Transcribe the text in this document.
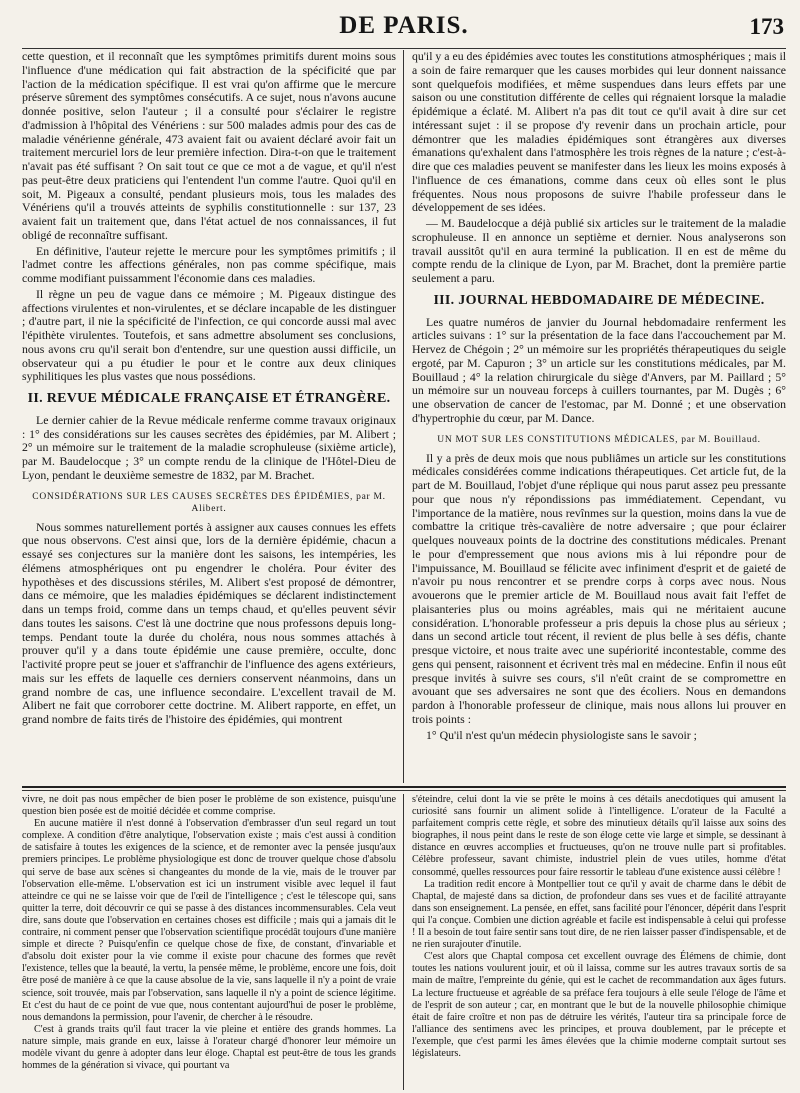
DE PARIS.	173

cette question, et il reconnaît que les symptômes primitifs durent moins sous l'influence d'une médication qui fait abstraction de la spécificité que par l'action de la médication spécifique. Il est vrai qu'on affirme que le mercure préserve sûrement des symptômes consécutifs. A ce sujet, nous n'avons aucune donnée positive, selon l'auteur ; il a consulté pour s'éclairer le registre d'admission à l'hôpital des Vénériens : sur 500 malades admis pour des cas de maladie vénérienne générale, 473 avaient fait ou avaient déclaré avoir fait un traitement mercuriel lors de leur première infection. Dira-t-on que le traitement n'avait pas été suffisant ? On sait tout ce que ce mot a de vague, et qu'il n'est pas peut-être deux praticiens qui l'entendent l'un comme l'autre. Quoi qu'il en soit, M. Pigeaux a consulté, pendant plusieurs mois, tous les malades des Vénériens qu'il a trouvés atteints de syphilis constitutionnelle : sur 137, 23 avaient fait un traitement que, dans l'état actuel de nos connaissances, il fut obligé de reconnaître suffisant.

En définitive, l'auteur rejette le mercure pour les symptômes primitifs ; il l'admet contre les affections générales, non pas comme spécifique, mais comme modifiant puissamment l'économie dans ces maladies.

Il règne un peu de vague dans ce mémoire ; M. Pigeaux distingue des affections virulentes et non-virulentes, et se déclare incapable de les distinguer ; d'autre part, il nie la spécificité de l'infection, ce qui concorde aussi mal avec l'épithète virulentes. Toutefois, et sans admettre absolument ses conclusions, nous avons cru qu'il serait bon d'entendre, sur une question aussi difficile, un observateur qui a pu étudier le pour et le contre aux deux cliniques syphilitiques les plus vastes que nous possédions.

II. REVUE MÉDICALE FRANÇAISE ET ÉTRANGÈRE.

Le dernier cahier de la Revue médicale renferme comme travaux originaux : 1° des considérations sur les causes secrètes des épidémies, par M. Alibert ; 2° un mémoire sur le traitement de la maladie scrophuleuse (sixième article), par M. Baudelocque ; 3° un compte rendu de la clinique de l'Hôtel-Dieu de Lyon, pendant le deuxième semestre de 1832, par M. Brachet.

CONSIDÉRATIONS SUR LES CAUSES SECRÈTES DES ÉPIDÉMIES, par M. Alibert.

Nous sommes naturellement portés à assigner aux causes connues les effets que nous observons. C'est ainsi que, lors de la dernière épidémie, chacun a essayé ses conjectures sur la manière dont les saisons, les intempéries, les élémens atmosphériques ont pu engendrer le choléra. Pour éviter des hypothèses et des discussions stériles, M. Alibert s'est proposé de démontrer, dans ce mémoire, que les maladies épidémiques se déclarent indistinctement dans un temps froid, comme dans un temps chaud, et qu'elles peuvent sévir dans toutes les saisons. C'est là une doctrine que nous professons depuis long-temps. Pendant toute la durée du choléra, nous nous sommes attachés à prouver qu'il y a dans toute épidémie une cause première, occulte, donc l'activité propre peut se jouer et s'affranchir de l'influence des agens extérieurs, mais sur les effets de laquelle ces derniers conservent néanmoins, dans un grand nombre de cas, une influence secondaire. L'excellent travail de M. Alibert ne fait que corroborer cette doctrine. M. Alibert rapporte, en effet, un grand nombre de faits tirés de l'histoire des épidémies, qui montrent

qu'il y a eu des épidémies avec toutes les constitutions atmosphériques ; mais il a soin de faire remarquer que les causes morbides qui leur donnent naissance sont quelquefois modifiées, et même suspendues dans leurs effets par une saison ou une constitution différente de celles qui régnaient lorsque la maladie épidémique a éclaté. M. Alibert n'a pas dit tout ce qu'il avait à dire sur cet intéressant sujet : il se propose d'y revenir dans un prochain article, pour démontrer que les maladies épidémiques sont étrangères aux diverses émanations qu'exhalent dans l'atmosphère les trois règnes de la nature ; c'est-à-dire que ces maladies peuvent se manifester dans les lieux les moins exposés à l'influence de ces émanations, comme dans ceux où elles sont le plus fréquentes. Nous nous proposons de suivre l'habile professeur dans le développement de ses idées.

— M. Baudelocque a déjà publié six articles sur le traitement de la maladie scrophuleuse. Il en annonce un septième et dernier. Nous analyserons son travail aussitôt qu'il en aura terminé la publication. Il en est de même du compte rendu de la clinique de Lyon, par M. Brachet, dont la première partie seulement a paru.

III. JOURNAL HEBDOMADAIRE DE MÉDECINE.

Les quatre numéros de janvier du Journal hebdomadaire renferment les articles suivans : 1° sur la présentation de la face dans l'accouchement par M. Hervez de Chégoin ; 2° un mémoire sur les propriétés thérapeutiques du seigle ergoté, par M. Capuron ; 3° un article sur les constitutions médicales, par M. Bouillaud ; 4° la relation chirurgicale du siège d'Anvers, par M. Paillard ; 5° un mémoire sur un nouveau forceps à cuillers tournantes, par M. Dugès ; 6° une observation de cancer de l'estomac, par M. Donné ; et une observation d'hypertrophie du cœur, par M. Dance.

UN MOT SUR LES CONSTITUTIONS MÉDICALES, par M. Bouillaud.

Il y a près de deux mois que nous publiâmes un article sur les constitutions médicales considérées comme indications thérapeutiques. Cet article fut, de la part de M. Bouillaud, l'objet d'une réplique qui nous parut assez peu pressante pour que nous n'y répondissions pas immédiatement. Cependant, vu l'importance de la matière, nous revînmes sur la question, moins dans la vue de combattre la critique très-cavalière de notre adversaire ; que pour éclairer quelques nouveaux points de la doctrine des constitutions médicales. Prenant le pour d'empressement que nous avions mis à lui répondre pour de l'impuissance, M. Bouillaud se félicite avec infiniment d'esprit et de gaieté de n'avoir pu nous rencontrer et se prendre corps à corps avec nous. Nous avouerons que le premier article de M. Bouillaud nous avait fait l'effet de plaisanteries plus ou moins agréables, mais qui ne méritaient aucune considération. L'honorable professeur a pris depuis la chose plus au sérieux ; dans un second article tout récent, il revient de plus belle à ses défis, chante presque victoire, et nous traite avec une supériorité incontestable, comme des gens qui pensent, raisonnent et écrivent très mal en médecine. Enfin il nous eût presque invités à suivre ses cours, s'il n'eût craint de se compromettre en avouant que ses adversaires ne sont que des écoliers. Nous en demandons pardon à l'honorable professeur de clinique, mais nous allons lui prouver en trois points :

1° Qu'il n'est qu'un médecin physiologiste sans le savoir ;

vivre, ne doit pas nous empêcher de bien poser le problème de son existence, puisqu'une question bien posée est de moitié décidée et comme comprise.

En aucune matière il n'est donné à l'observation d'embrasser d'un seul regard un tout complexe. A condition d'être analytique, l'observation existe ; mais c'est aussi à condition de satisfaire à toutes les exigences de la science, et de remonter avec la pensée jusqu'aux premiers principes. Le problème physiologique est donc de trouver quelque chose d'absolu qui serve de base aux scènes si changeantes du monde de la vie, mais de le trouver par l'observation elle-même. L'observation est ici un instrument visible avec lequel il faut atteindre ce qui ne se laisse voir que de l'œil de l'intelligence ; c'est le télescope qui, sans quitter la terre, doit découvrir ce qui se passe à des distances incommensurables. Cela veut dire, sans doute que l'observation en certaines choses est difficile ; mais qui a jamais dit le contraire, ni comment penser que l'observation scientifique procédât toujours d'une manière simple et directe ? Puisqu'enfin ce quelque chose de fixe, de constant, d'invariable et d'absolu doit exister pour la vie comme il existe pour chacune des formes que revêt l'existence, telles que la beauté, la vertu, la pensée même, le problème, encore une fois, doit être posé de manière à ce que la cause absolue de la vie, sans laquelle il n'y a point de vraie science, soit trouvée, mais par l'observation, sans laquelle il n'y a point de science légitime. Et c'est du haut de ce point de vue que, nous contentant aujourd'hui de poser le problème, nous demandons la permission, pour l'avenir, de chercher à le résoudre.

C'est à grands traits qu'il faut tracer la vie pleine et entière des grands hommes. La nature simple, mais grande en eux, laisse à l'orateur chargé d'honorer leur mémoire un modèle vivant du genre à adopter dans leur éloge. Chaptal est peut-être de tous les grands hommes de la génération si vivace, qui pourtant va

s'éteindre, celui dont la vie se prête le moins à ces détails anecdotiques qui amusent la curiosité sans fournir un aliment solide à l'intelligence. L'orateur de la Faculté a parfaitement compris cette règle, et sobre des minutieux détails qu'il laisse aux soins des biographes, il nous peint dans le reste de son éloge cette vie large et simple, se dessinant à distance en œuvres accomplies et fructueuses, qu'on ne trouve nulle part si profitables. Célèbre professeur, savant chimiste, industriel plein de vues utiles, homme d'état consommé, quelles ressources pour faire ressortir le tableau d'une existence aussi célèbre !

La tradition redit encore à Montpellier tout ce qu'il y avait de charme dans le débit de Chaptal, de majesté dans sa diction, de profondeur dans ses vues et de facilité attrayante dans son enseignement. La pensée, en effet, sans facilité pour l'énoncer, dépérit dans l'esprit qui l'a conçue. Combien une diction agréable et facile est indispensable à celui qui professe ! Il a besoin de tout faire sentir sans tout dire, de ne rien laisser passer d'indispensable, et de ne rien surajouter d'inutile.

C'est alors que Chaptal composa cet excellent ouvrage des Élémens de chimie, dont toutes les nations voulurent jouir, et où il laissa, comme sur les autres travaux sortis de sa main de maître, l'empreinte du génie, qui est le cachet de recommandation aux âges futurs. La lecture fructueuse et agréable de sa préface fera toujours à elle seule l'éloge de l'âme et de l'esprit de son auteur ; car, en montrant que le but de la nouvelle philosophie chimique était de faire croître et non pas de détruire les vérités, l'auteur tira sa principale force de l'alliance des sentimens avec les principes, et prouva doublement, par le précepte et l'exemple, que c'est parmi les âmes élevées que la chimie moderne comptait surtout ses législateurs.
